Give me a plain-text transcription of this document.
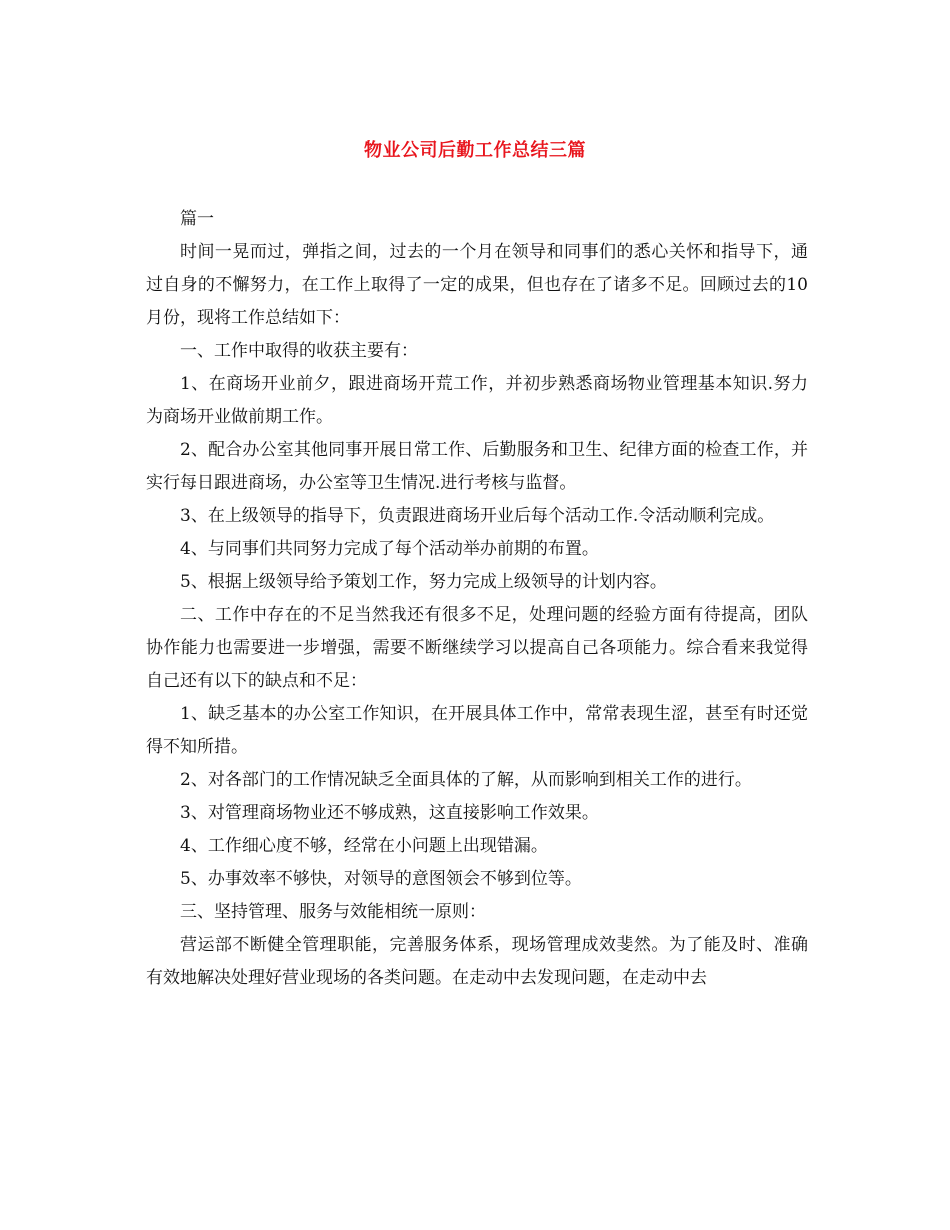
物业公司后勤工作总结三篇

篇一

时间一晃而过，弹指之间，过去的一个月在领导和同事们的悉心关怀和指导下，通过自身的不懈努力，在工作上取得了一定的成果，但也存在了诸多不足。回顾过去的10月份，现将工作总结如下：

一、工作中取得的收获主要有：

1、在商场开业前夕，跟进商场开荒工作，并初步熟悉商场物业管理基本知识.努力为商场开业做前期工作。

2、配合办公室其他同事开展日常工作、后勤服务和卫生、纪律方面的检查工作，并实行每日跟进商场，办公室等卫生情况.进行考核与监督。

3、在上级领导的指导下，负责跟进商场开业后每个活动工作.令活动顺利完成。

4、与同事们共同努力完成了每个活动举办前期的布置。

5、根据上级领导给予策划工作，努力完成上级领导的计划内容。

二、工作中存在的不足当然我还有很多不足，处理问题的经验方面有待提高，团队协作能力也需要进一步增强，需要不断继续学习以提高自己各项能力。综合看来我觉得自己还有以下的缺点和不足：

1、缺乏基本的办公室工作知识，在开展具体工作中，常常表现生涩，甚至有时还觉得不知所措。

2、对各部门的工作情况缺乏全面具体的了解，从而影响到相关工作的进行。

3、对管理商场物业还不够成熟，这直接影响工作效果。

4、工作细心度不够，经常在小问题上出现错漏。

5、办事效率不够快，对领导的意图领会不够到位等。

三、坚持管理、服务与效能相统一原则：

营运部不断健全管理职能，完善服务体系，现场管理成效斐然。为了能及时、准确有效地解决处理好营业现场的各类问题。在走动中去发现问题，在走动中去
